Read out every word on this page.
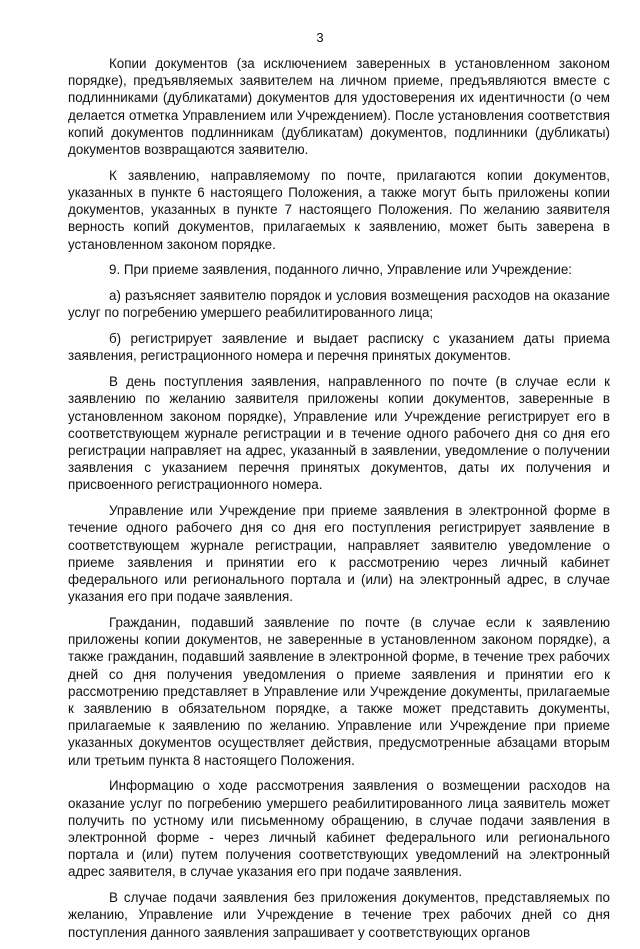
3

Копии документов (за исключением заверенных в установленном законом порядке), предъявляемых заявителем на личном приеме, предъявляются вместе с подлинниками (дубликатами) документов для удостоверения их идентичности (о чем делается отметка Управлением или Учреждением). После установления соответствия копий документов подлинникам (дубликатам) документов, подлинники (дубликаты) документов возвращаются заявителю.

К заявлению, направляемому по почте, прилагаются копии документов, указанных в пункте 6 настоящего Положения, а также могут быть приложены копии документов, указанных в пункте 7 настоящего Положения. По желанию заявителя верность копий документов, прилагаемых к заявлению, может быть заверена в установленном законом порядке.

9. При приеме заявления, поданного лично, Управление или Учреждение:

а) разъясняет заявителю порядок и условия возмещения расходов на оказание услуг по погребению умершего реабилитированного лица;

б) регистрирует заявление и выдает расписку с указанием даты приема заявления, регистрационного номера и перечня принятых документов.

В день поступления заявления, направленного по почте (в случае если к заявлению по желанию заявителя приложены копии документов, заверенные в установленном законом порядке), Управление или Учреждение регистрирует его в соответствующем журнале регистрации и в течение одного рабочего дня со дня его регистрации направляет на адрес, указанный в заявлении, уведомление о получении заявления с указанием перечня принятых документов, даты их получения и присвоенного регистрационного номера.

Управление или Учреждение при приеме заявления в электронной форме в течение одного рабочего дня со дня его поступления регистрирует заявление в соответствующем журнале регистрации, направляет заявителю уведомление о приеме заявления и принятии его к рассмотрению через личный кабинет федерального или регионального портала и (или) на электронный адрес, в случае указания его при подаче заявления.

Гражданин, подавший заявление по почте (в случае если к заявлению приложены копии документов, не заверенные в установленном законом порядке), а также гражданин, подавший заявление в электронной форме, в течение трех рабочих дней со дня получения уведомления о приеме заявления и принятии его к рассмотрению представляет в Управление или Учреждение документы, прилагаемые к заявлению в обязательном порядке, а также может представить документы, прилагаемые к заявлению по желанию. Управление или Учреждение при приеме указанных документов осуществляет действия, предусмотренные абзацами вторым или третьим пункта 8 настоящего Положения.

Информацию о ходе рассмотрения заявления о возмещении расходов на оказание услуг по погребению умершего реабилитированного лица заявитель может получить по устному или письменному обращению, в случае подачи заявления в электронной форме - через личный кабинет федерального или регионального портала и (или) путем получения соответствующих уведомлений на электронный адрес заявителя, в случае указания его при подаче заявления.

В случае подачи заявления без приложения документов, представляемых по желанию, Управление или Учреждение в течение трех рабочих дней со дня поступления данного заявления запрашивает у соответствующих органов
